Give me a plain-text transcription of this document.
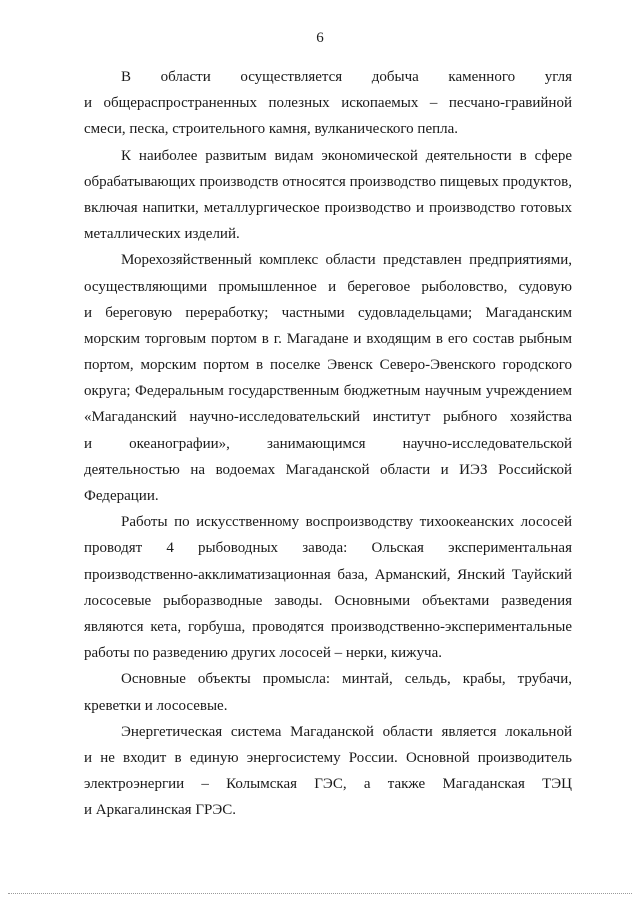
6
В области осуществляется добыча каменного угля
и общераспространенных полезных ископаемых – песчано-гравийной
смеси, песка, строительного камня, вулканического пепла.
К наиболее развитым видам экономической деятельности в сфере
обрабатывающих производств относятся производство пищевых продуктов,
включая напитки, металлургическое производство и производство готовых
металлических изделий.
Морехозяйственный комплекс области представлен предприятиями,
осуществляющими промышленное и береговое рыболовство, судовую
и береговую переработку; частными судовладельцами; Магаданским
морским торговым портом в г. Магадане и входящим в его состав рыбным
портом, морским портом в поселке Эвенск Северо-Эвенского городского
округа; Федеральным государственным бюджетным научным учреждением
«Магаданский научно-исследовательский институт рыбного хозяйства
и океанографии», занимающимся научно-исследовательской
деятельностью на водоемах Магаданской области и ИЭЗ Российской
Федерации.
Работы по искусственному воспроизводству тихоокеанских лососей
проводят 4 рыбоводных завода: Ольская экспериментальная
производственно-акклиматизационная база, Арманский, Янский Тауйский
лососевые рыборазводные заводы. Основными объектами разведения
являются кета, горбуша, проводятся производственно-экспериментальные
работы по разведению других лососей – нерки, кижуча.
Основные объекты промысла: минтай, сельдь, крабы, трубачи,
креветки и лососевые.
Энергетическая система Магаданской области является локальной
и не входит в единую энергосистему России. Основной производитель
электроэнергии – Колымская ГЭС, а также Магаданская ТЭЦ
и Аркагалинская ГРЭС.
